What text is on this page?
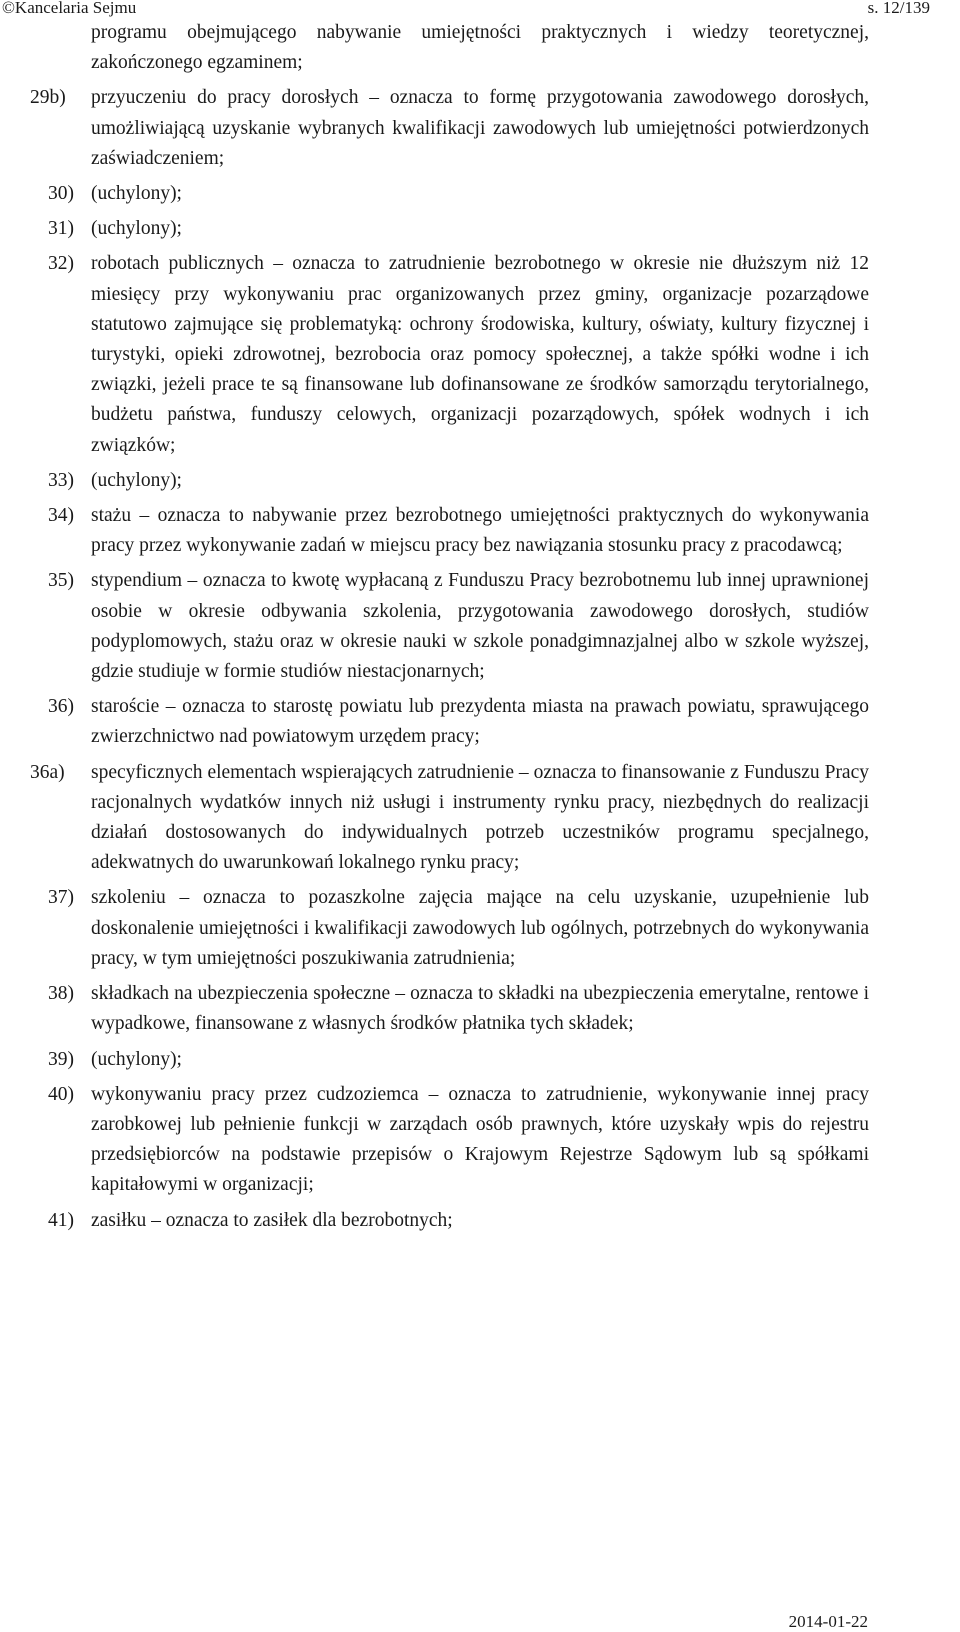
©Kancelaria Sejmu	s. 12/139
programu obejmującego nabywanie umiejętności praktycznych i wiedzy teoretycznej, zakończonego egzaminem;
29b) przyuczeniu do pracy dorosłych – oznacza to formę przygotowania zawodowego dorosłych, umożliwiającą uzyskanie wybranych kwalifikacji zawodowych lub umiejętności potwierdzonych zaświadczeniem;
30) (uchylony);
31) (uchylony);
32) robotach publicznych – oznacza to zatrudnienie bezrobotnego w okresie nie dłuższym niż 12 miesięcy przy wykonywaniu prac organizowanych przez gminy, organizacje pozarządowe statutowo zajmujące się problematyką: ochrony środowiska, kultury, oświaty, kultury fizycznej i turystyki, opieki zdrowotnej, bezrobocia oraz pomocy społecznej, a także spółki wodne i ich związki, jeżeli prace te są finansowane lub dofinansowane ze środków samorządu terytorialnego, budżetu państwa, funduszy celowych, organizacji pozarządowych, spółek wodnych i ich związków;
33) (uchylony);
34) stażu – oznacza to nabywanie przez bezrobotnego umiejętności praktycznych do wykonywania pracy przez wykonywanie zadań w miejscu pracy bez nawiązania stosunku pracy z pracodawcą;
35) stypendium – oznacza to kwotę wypłacaną z Funduszu Pracy bezrobotnemu lub innej uprawnionej osobie w okresie odbywania szkolenia, przygotowania zawodowego dorosłych, studiów podyplomowych, stażu oraz w okresie nauki w szkole ponadgimnazjalnej albo w szkole wyższej, gdzie studiuje w formie studiów niestacjonarnych;
36) staroście – oznacza to starostę powiatu lub prezydenta miasta na prawach powiatu, sprawującego zwierzchnictwo nad powiatowym urzędem pracy;
36a) specyficznych elementach wspierających zatrudnienie – oznacza to finansowanie z Funduszu Pracy racjonalnych wydatków innych niż usługi i instrumenty rynku pracy, niezbędnych do realizacji działań dostosowanych do indywidualnych potrzeb uczestników programu specjalnego, adekwatnych do uwarunkowań lokalnego rynku pracy;
37) szkoleniu – oznacza to pozaszkolne zajęcia mające na celu uzyskanie, uzupełnienie lub doskonalenie umiejętności i kwalifikacji zawodowych lub ogólnych, potrzebnych do wykonywania pracy, w tym umiejętności poszukiwania zatrudnienia;
38) składkach na ubezpieczenia społeczne – oznacza to składki na ubezpieczenia emerytalne, rentowe i wypadkowe, finansowane z własnych środków płatnika tych składek;
39) (uchylony);
40) wykonywaniu pracy przez cudzoziemca – oznacza to zatrudnienie, wykonywanie innej pracy zarobkowej lub pełnienie funkcji w zarządach osób prawnych, które uzyskały wpis do rejestru przedsiębiorców na podstawie przepisów o Krajowym Rejestrze Sądowym lub są spółkami kapitałowymi w organizacji;
41) zasiłku – oznacza to zasiłek dla bezrobotnych;
2014-01-22
